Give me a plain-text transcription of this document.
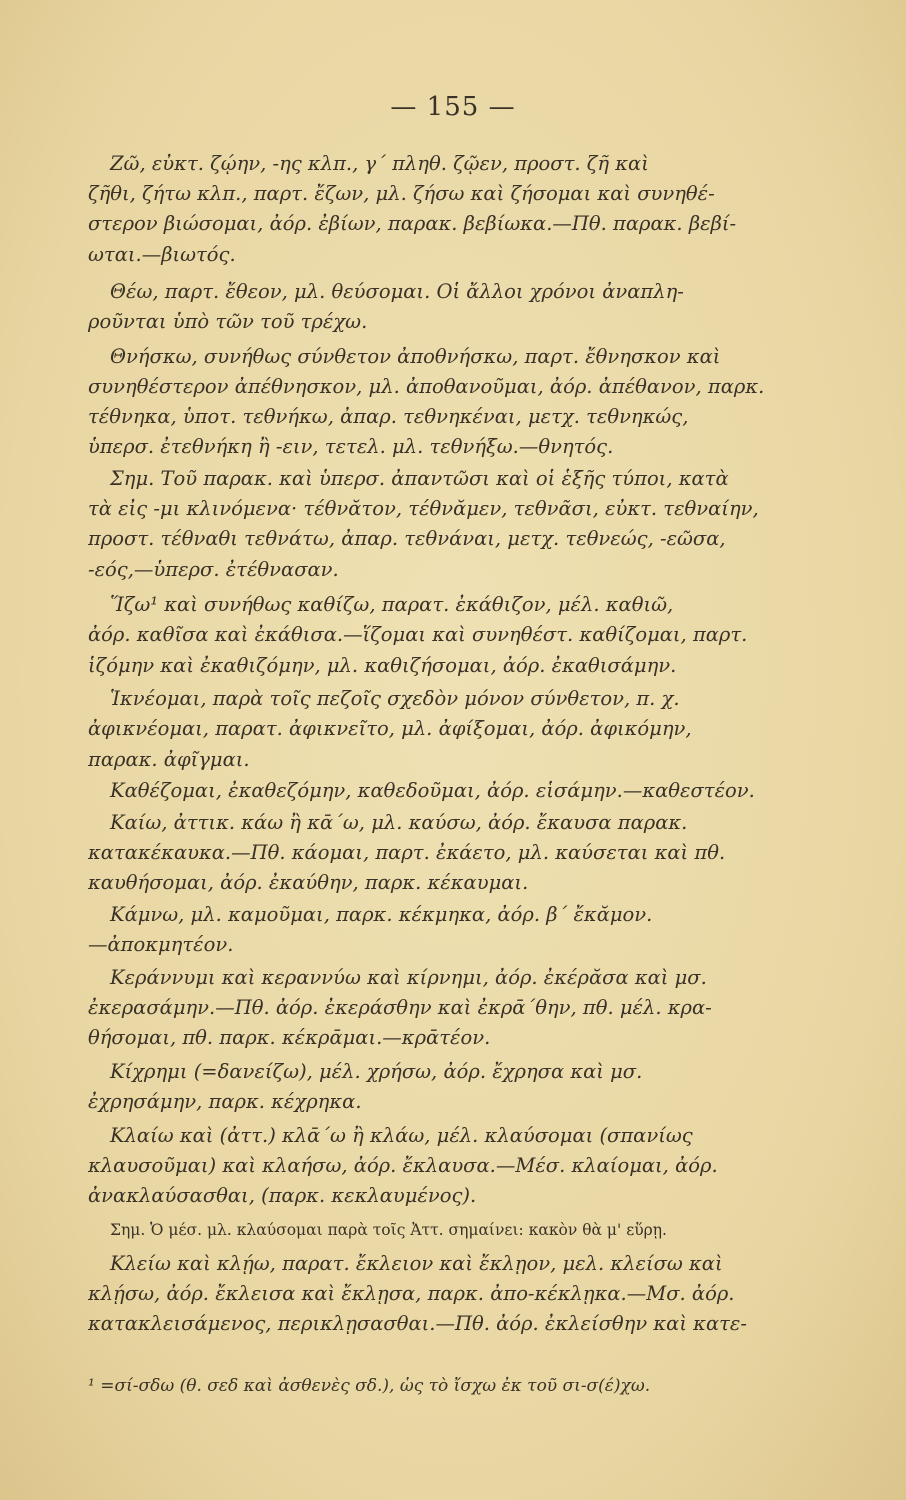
— 155 —
Ζῶ, εὐκτ. ζῴην, -ης κλπ., γ΄ πληθ. ζῷεν, προστ. ζῆ καὶ
ζῆθι, ζήτω κλπ., παρτ. ἔζων, μλ. ζήσω καὶ ζήσομαι καὶ συνηθέ-
στερον βιώσομαι, ἀόρ. ἐβίων, παρακ. βεβίωκα.—Πθ. παρακ. βεβί-
ωται.—βιωτός.
Θέω, παρτ. ἔθεον, μλ. θεύσομαι. Οἱ ἄλλοι χρόνοι ἀναπλη-
ροῦνται ὑπὸ τῶν τοῦ τρέχω.
Θνήσκω, συνήθως σύνθετον ἀποθνήσκω, παρτ. ἔθνησκον καὶ
συνηθέστερον ἀπέθνησκον, μλ. ἀποθανοῦμαι, ἀόρ. ἀπέθανον, παρκ.
τέθνηκα, ὑποτ. τεθνήκω, ἀπαρ. τεθνηκέναι, μετχ. τεθνηκώς,
ὑπερσ. ἐτεθνήκη ἢ -ειν, τετελ. μλ. τεθνήξω.—θνητός.
Σημ. Τοῦ παρακ. καὶ ὑπερσ. ἀπαντῶσι καὶ οἱ ἑξῆς τύποι, κατὰ
τὰ εἰς -μι κλινόμενα· τέθνᾰτον, τέθνᾰμεν, τεθνᾶσι, εὐκτ. τεθναίην,
προστ. τέθναθι τεθνάτω, ἀπαρ. τεθνάναι, μετχ. τεθνεώς, -εῶσα,
-εός,—ὑπερσ. ἐτέθνασαν.
Ἵζω¹ καὶ συνήθως καθίζω, παρατ. ἐκάθιζον, μέλ. καθιῶ,
ἀόρ. καθῖσα καὶ ἐκάθισα.—ἵζομαι καὶ συνηθέστ. καθίζομαι, παρτ.
ἱζόμην καὶ ἐκαθιζόμην, μλ. καθιζήσομαι, ἀόρ. ἐκαθισάμην.
Ἱκνέομαι, παρὰ τοῖς πεζοῖς σχεδὸν μόνον σύνθετον, π. χ.
ἀφικνέομαι, παρατ. ἀφικνεῖτο, μλ. ἀφίξομαι, ἀόρ. ἀφικόμην,
παρακ. ἀφῖγμαι.
Καθέζομαι, ἐκαθεζόμην, καθεδοῦμαι, ἀόρ. εἱσάμην.—καθεστέον.
Καίω, ἀττικ. κάω ἢ κᾱ΄ω, μλ. καύσω, ἀόρ. ἔκαυσα παρακ.
κατακέκαυκα.—Πθ. κάομαι, παρτ. ἐκάετο, μλ. καύσεται καὶ πθ.
καυθήσομαι, ἀόρ. ἐκαύθην, παρκ. κέκαυμαι.
Κάμνω, μλ. καμοῦμαι, παρκ. κέκμηκα, ἀόρ. β΄ ἔκᾰμον.
—ἀποκμητέον.
Κεράννυμι καὶ κεραννύω καὶ κίρνημι, ἀόρ. ἐκέρᾰσα καὶ μσ.
ἐκερασάμην.—Πθ. ἀόρ. ἐκεράσθην καὶ ἐκρᾱ΄θην, πθ. μέλ. κρα-
θήσομαι, πθ. παρκ. κέκρᾱμαι.—κρᾱτέον.
Κίχρημι (=δανείζω), μέλ. χρήσω, ἀόρ. ἔχρησα καὶ μσ.
ἐχρησάμην, παρκ. κέχρηκα.
Κλαίω καὶ (ἀττ.) κλᾱ΄ω ἢ κλάω, μέλ. κλαύσομαι (σπανίως
κλαυσοῦμαι) καὶ κλαήσω, ἀόρ. ἔκλαυσα.—Μέσ. κλαίομαι, ἀόρ.
ἀνακλαύσασθαι, (παρκ. κεκλαυμένος).
Σημ. Ὁ μέσ. μλ. κλαύσομαι παρὰ τοῖς Ἀττ. σημαίνει: κακὸν θὰ μ' εὕρῃ.
Κλείω καὶ κλῄω, παρατ. ἔκλειον καὶ ἔκλῃον, μελ. κλείσω καὶ
κλῄσω, ἀόρ. ἔκλεισα καὶ ἔκλῃσα, παρκ. ἀπο-κέκλῃκα.—Μσ. ἀόρ.
κατακλεισάμενος, περικλῃσασθαι.—Πθ. ἀόρ. ἐκλείσθην καὶ κατε-
¹ =σί-σδω (θ. σεδ καὶ ἀσθενὲς σδ.), ὡς τὸ ἴσχω ἐκ τοῦ σι-σ(έ)χω.
